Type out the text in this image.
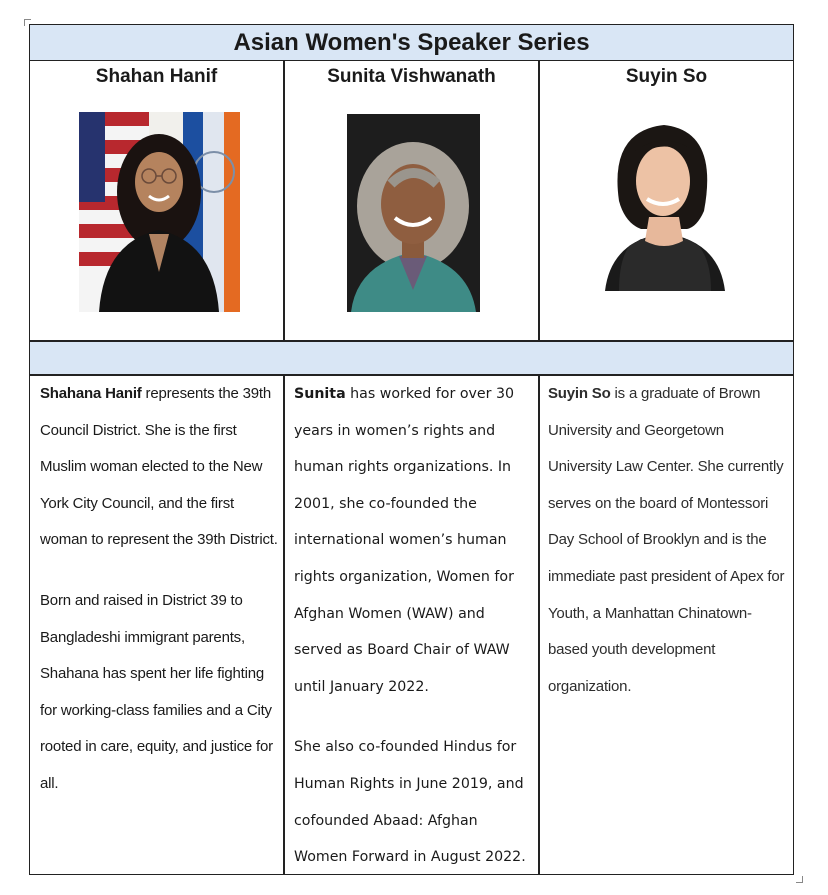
Asian Women's Speaker Series
Shahan Hanif	Sunita Vishwanath	Suyin So

Shahana Hanif represents the 39th Council District. She is the first Muslim woman elected to the New York City Council, and the first woman to represent the 39th District.

Born and raised in District 39 to Bangladeshi immigrant parents, Shahana has spent her life fighting for working-class families and a City rooted in care, equity, and justice for all.

Sunita has worked for over 30 years in women’s rights and human rights organizations. In 2001, she co-founded the international women’s human rights organization, Women for Afghan Women (WAW) and served as Board Chair of WAW until January 2022.

She also co-founded Hindus for Human Rights in June 2019, and cofounded Abaad: Afghan Women Forward in August 2022.

Suyin So is a graduate of Brown University and Georgetown University Law Center. She currently serves on the board of Montessori Day School of Brooklyn and is the immediate past president of Apex for Youth, a Manhattan Chinatown-based youth development organization.
